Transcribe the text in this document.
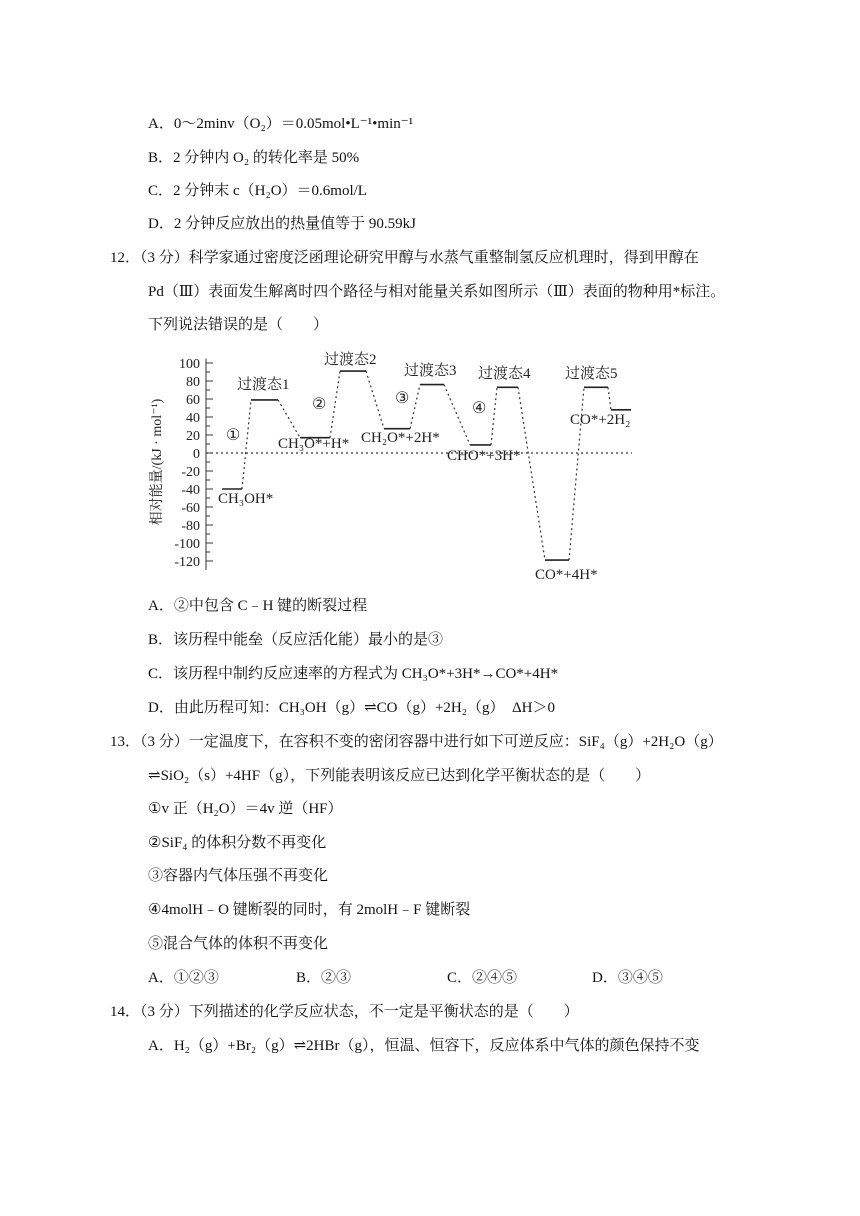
A．0～2minv（O₂）＝0.05mol•L⁻¹•min⁻¹
B．2 分钟内 O₂ 的转化率是 50%
C．2 分钟末 c（H₂O）＝0.6mol/L
D．2 分钟反应放出的热量值等于 90.59kJ
12．（3 分）科学家通过密度泛函理论研究甲醇与水蒸气重整制氢反应机理时，得到甲醇在
Pd（Ⅲ）表面发生解离时四个路径与相对能量关系如图所示（Ⅲ）表面的物种用*标注。
下列说法错误的是（　　）
100
80
60
40
20
0
-20
-40
-60
-80
-100
-120
相对能量/(kJ · mol⁻¹)	CH₃OH*
过渡态1
CH₃O*+H*
过渡态2
CH₂O*+2H*
过渡态3
CHO*+3H*
过渡态4
CO*+4H*
过渡态5
CO*+2H₂
①
②	③
④
A．②中包含 C﹣H 键的断裂过程
B．该历程中能垒（反应活化能）最小的是③
C．该历程中制约反应速率的方程式为 CH₃O*+3H*→CO*+4H*
D．由此历程可知：CH₃OH（g）⇌CO（g）+2H₂（g）　ΔH＞0
13．（3 分）一定温度下，在容积不变的密闭容器中进行如下可逆反应：SiF₄（g）+2H₂O（g）
⇌SiO₂（s）+4HF（g），下列能表明该反应已达到化学平衡状态的是（　　）
①v 正（H₂O）＝4v 逆（HF）
②SiF₄ 的体积分数不再变化
③容器内气体压强不再变化
④4molH﹣O 键断裂的同时，有 2molH﹣F 键断裂
⑤混合气体的体积不再变化
A．①②③	B．②③	C．②④⑤	D．③④⑤
14．（3 分）下列描述的化学反应状态，不一定是平衡状态的是（　　）
A．H₂（g）+Br₂（g）⇌2HBr（g），恒温、恒容下，反应体系中气体的颜色保持不变
